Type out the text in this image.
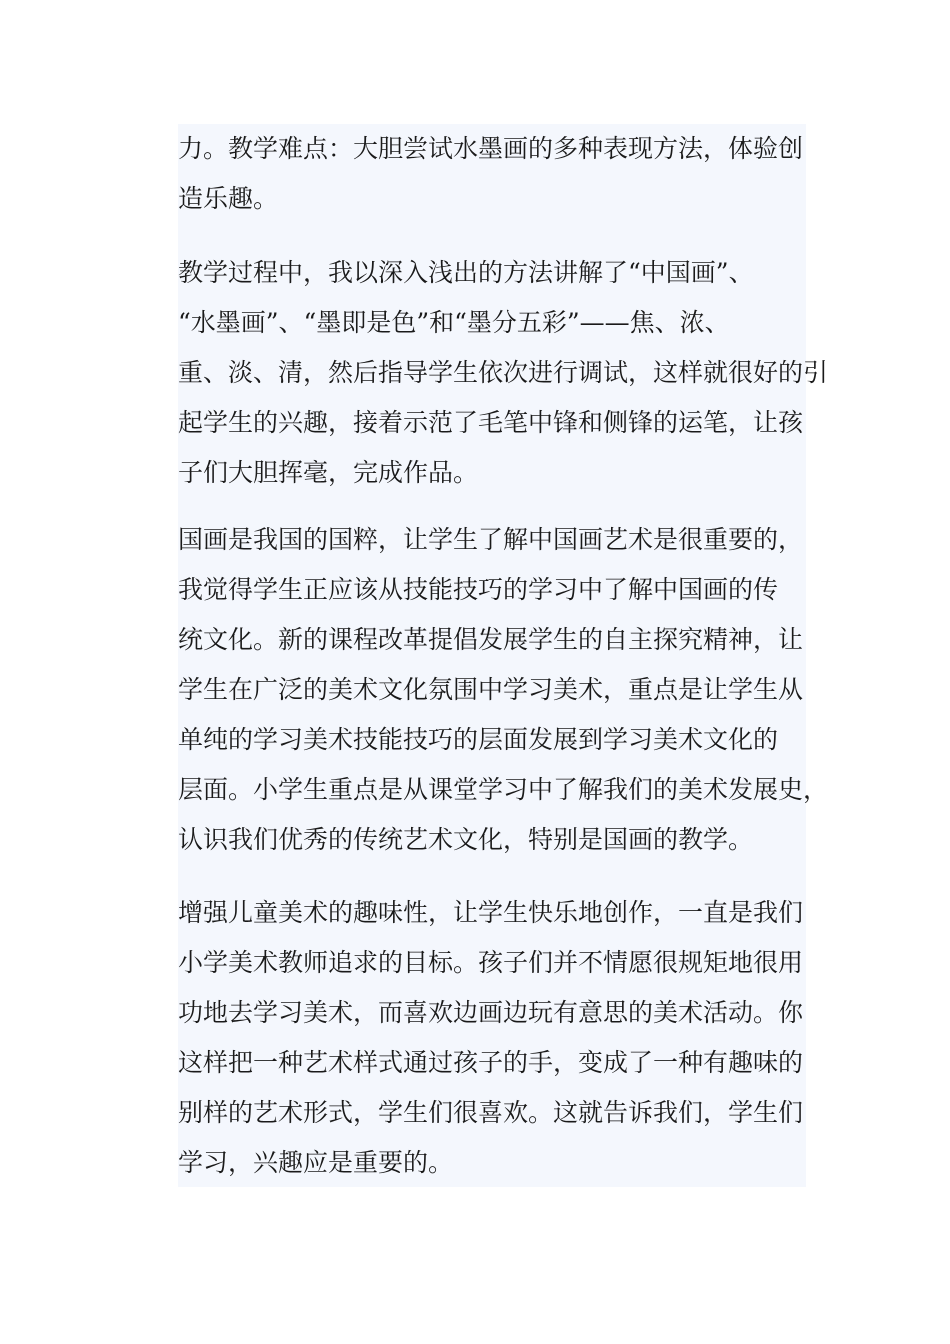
力。教学难点：大胆尝试水墨画的多种表现方法，体验创
造乐趣。
教学过程中，我以深入浅出的方法讲解了“中国画”、
“水墨画”、“墨即是色”和“墨分五彩”——焦、浓、
重、淡、清，然后指导学生依次进行调试，这样就很好的引
起学生的兴趣，接着示范了毛笔中锋和侧锋的运笔，让孩
子们大胆挥毫，完成作品。
国画是我国的国粹，让学生了解中国画艺术是很重要的，
我觉得学生正应该从技能技巧的学习中了解中国画的传
统文化。新的课程改革提倡发展学生的自主探究精神，让
学生在广泛的美术文化氛围中学习美术，重点是让学生从
单纯的学习美术技能技巧的层面发展到学习美术文化的
层面。小学生重点是从课堂学习中了解我们的美术发展史，
认识我们优秀的传统艺术文化，特别是国画的教学。
增强儿童美术的趣味性，让学生快乐地创作，一直是我们
小学美术教师追求的目标。孩子们并不情愿很规矩地很用
功地去学习美术，而喜欢边画边玩有意思的美术活动。你
这样把一种艺术样式通过孩子的手，变成了一种有趣味的
别样的艺术形式，学生们很喜欢。这就告诉我们，学生们
学习，兴趣应是重要的。
